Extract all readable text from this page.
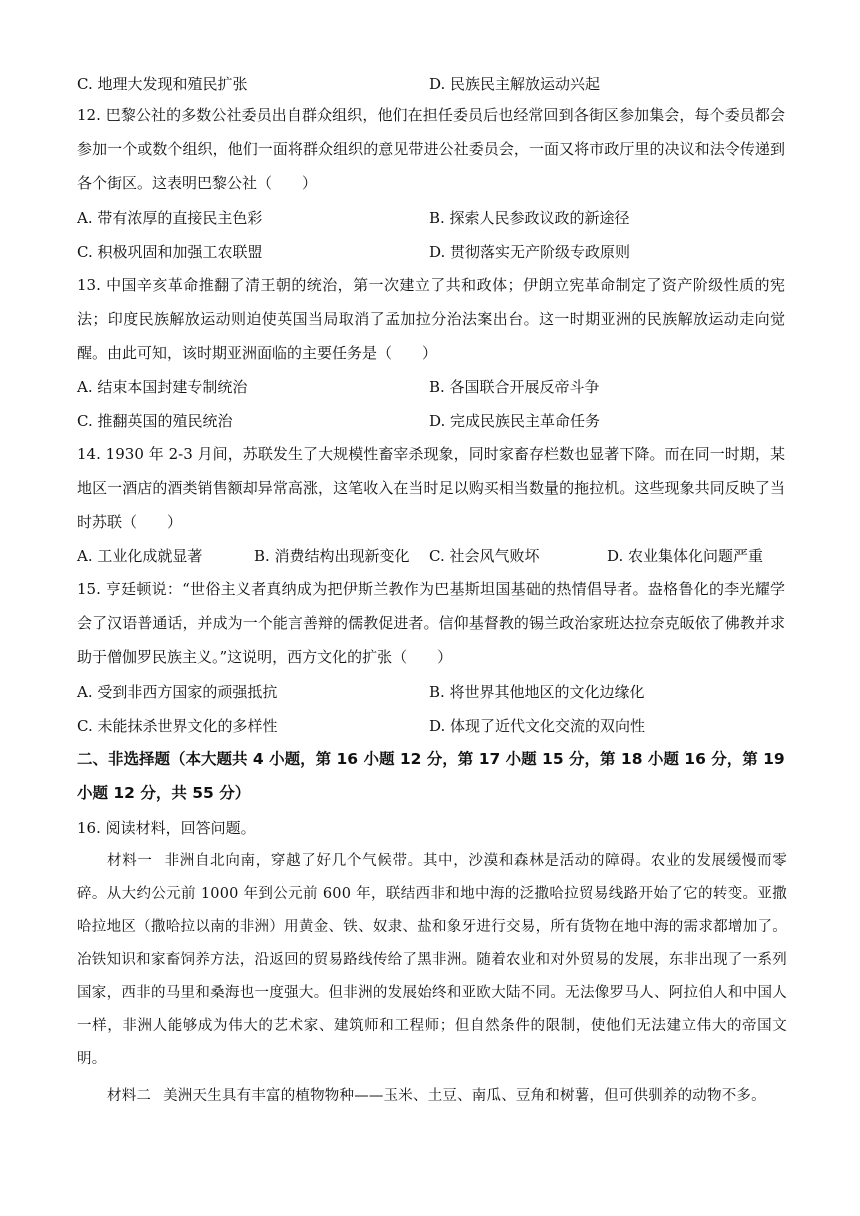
C. 地理大发现和殖民扩张	D. 民族民主解放运动兴起
12. 巴黎公社的多数公社委员出自群众组织，他们在担任委员后也经常回到各街区参加集会，每个委员都会参加一个或数个组织，他们一面将群众组织的意见带进公社委员会，一面又将市政厅里的决议和法令传递到各个街区。这表明巴黎公社（　　）
A. 带有浓厚的直接民主色彩	B. 探索人民参政议政的新途径
C. 积极巩固和加强工农联盟	D. 贯彻落实无产阶级专政原则
13. 中国辛亥革命推翻了清王朝的统治，第一次建立了共和政体；伊朗立宪革命制定了资产阶级性质的宪法；印度民族解放运动则迫使英国当局取消了孟加拉分治法案出台。这一时期亚洲的民族解放运动走向觉醒。由此可知，该时期亚洲面临的主要任务是（　　）
A. 结束本国封建专制统治	B. 各国联合开展反帝斗争
C. 推翻英国的殖民统治	D. 完成民族民主革命任务
14. 1930 年 2-3 月间，苏联发生了大规模性畜宰杀现象，同时家畜存栏数也显著下降。而在同一时期，某地区一酒店的酒类销售额却异常高涨，这笔收入在当时足以购买相当数量的拖拉机。这些现象共同反映了当时苏联（　　）
A. 工业化成就显著	B. 消费结构出现新变化 C. 社会风气败坏	D. 农业集体化问题严重
15. 亨廷顿说：“世俗主义者真纳成为把伊斯兰教作为巴基斯坦国基础的热情倡导者。盎格鲁化的李光耀学会了汉语普通话，并成为一个能言善辩的儒教促进者。信仰基督教的锡兰政治家班达拉奈克皈依了佛教并求助于僧伽罗民族主义。”这说明，西方文化的扩张（　　）
A. 受到非西方国家的顽强抵抗	B. 将世界其他地区的文化边缘化
C. 未能抹杀世界文化的多样性	D. 体现了近代文化交流的双向性
二、非选择题（本大题共 4 小题，第 16 小题 12 分，第 17 小题 15 分，第 18 小题 16 分，第 19 小题 12 分，共 55 分）
16. 阅读材料，回答问题。
材料一 非洲自北向南，穿越了好几个气候带。其中，沙漠和森林是活动的障碍。农业的发展缓慢而零碎。从大约公元前 1000 年到公元前 600 年，联结西非和地中海的泛撒哈拉贸易线路开始了它的转变。亚撒哈拉地区（撒哈拉以南的非洲）用黄金、铁、奴隶、盐和象牙进行交易，所有货物在地中海的需求都增加了。冶铁知识和家畜饲养方法，沿返回的贸易路线传给了黑非洲。随着农业和对外贸易的发展，东非出现了一系列国家，西非的马里和桑海也一度强大。但非洲的发展始终和亚欧大陆不同。无法像罗马人、阿拉伯人和中国人一样，非洲人能够成为伟大的艺术家、建筑师和工程师；但自然条件的限制，使他们无法建立伟大的帝国文明。
材料二 美洲天生具有丰富的植物物种——玉米、土豆、南瓜、豆角和树薯，但可供驯养的动物不多。
